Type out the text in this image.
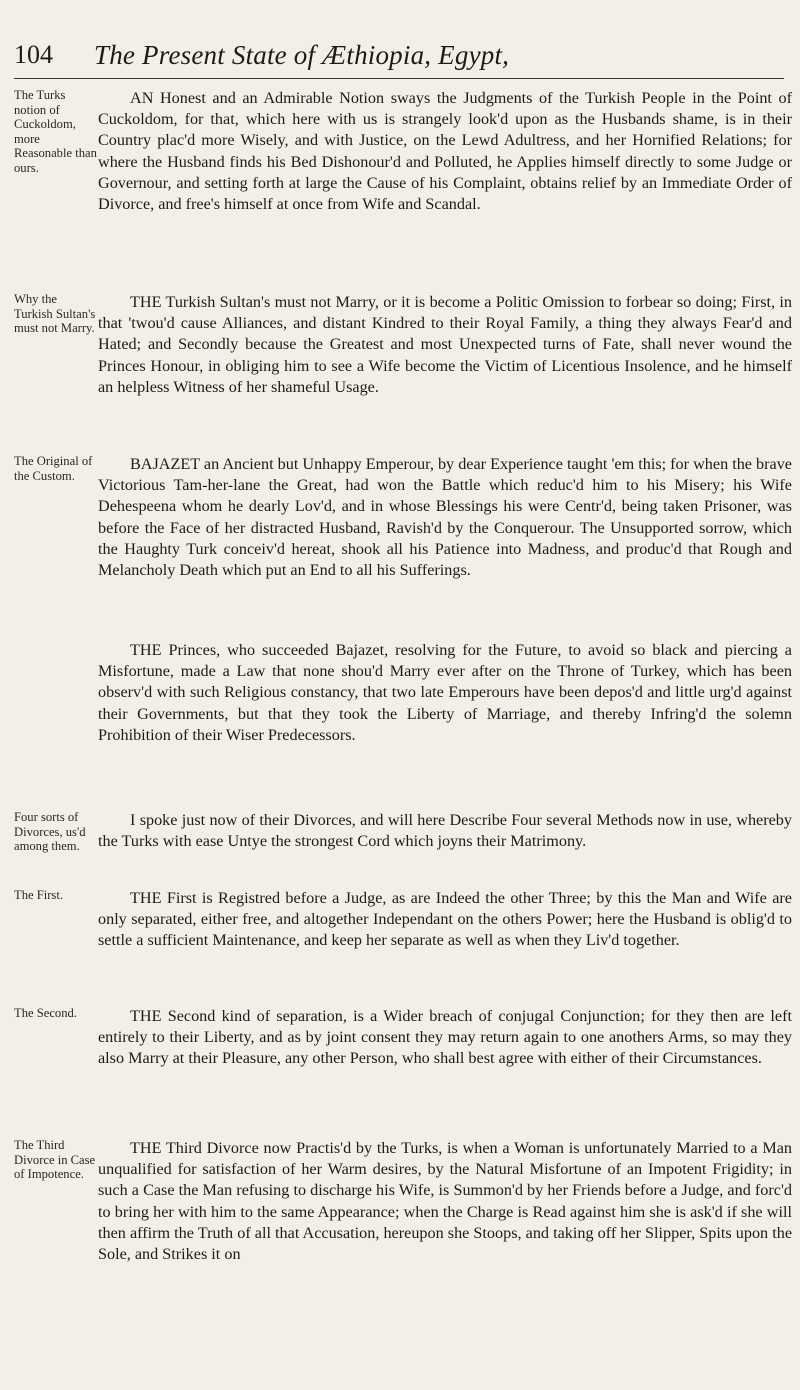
104 The Present State of Æthiopia, Egypt,
The Turks notion of Cuckoldom, more Reasonable than ours.
AN Honest and an Admirable Notion sways the Judgments of the Turkish People in the Point of Cuckoldom, for that, which here with us is strangely look'd upon as the Husbands shame, is in their Country plac'd more Wisely, and with Justice, on the Lewd Adultress, and her Hornified Relations; for where the Husband finds his Bed Dishonour'd and Polluted, he Applies himself directly to some Judge or Governour, and setting forth at large the Cause of his Complaint, obtains relief by an Immediate Order of Divorce, and free's himself at once from Wife and Scandal.
Why the Turkish Sultan's must not Marry.
THE Turkish Sultan's must not Marry, or it is become a Politic Omission to forbear so doing; First, in that 'twou'd cause Alliances, and distant Kindred to their Royal Family, a thing they always Fear'd and Hated; and Secondly because the Greatest and most Unexpected turns of Fate, shall never wound the Princes Honour, in obliging him to see a Wife become the Victim of Licentious Insolence, and he himself an helpless Witness of her shameful Usage.
The Original of the Custom.
BAJAZET an Ancient but Unhappy Emperour, by dear Experience taught 'em this; for when the brave Victorious Tam-her-lane the Great, had won the Battle which reduc'd him to his Misery; his Wife Dehespeena whom he dearly Lov'd, and in whose Blessings his were Centr'd, being taken Prisoner, was before the Face of her distracted Husband, Ravish'd by the Conquerour. The Unsupported sorrow, which the Haughty Turk conceiv'd hereat, shook all his Patience into Madness, and produc'd that Rough and Melancholy Death which put an End to all his Sufferings.
THE Princes, who succeeded Bajazet, resolving for the Future, to avoid so black and piercing a Misfortune, made a Law that none shou'd Marry ever after on the Throne of Turkey, which has been observ'd with such Religious constancy, that two late Emperours have been depos'd and little urg'd against their Governments, but that they took the Liberty of Marriage, and thereby Infring'd the solemn Prohibition of their Wiser Predecessors.
Four sorts of Divorces, us'd among them.
I spoke just now of their Divorces, and will here Describe Four several Methods now in use, whereby the Turks with ease Untye the strongest Cord which joyns their Matrimony.
The First.	THE First is Registred before a Judge, as are Indeed the other Three; by this the Man and Wife are only separated, either free, and altogether Independant on the others Power; here the Husband is oblig'd to settle a sufficient Maintenance, and keep her separate as well as when they Liv'd together.
The Second.	THE Second kind of separation, is a Wider breach of conjugal Conjunction; for they then are left entirely to their Liberty, and as by joint consent they may return again to one anothers Arms, so may they also Marry at their Pleasure, any other Person, who shall best agree with either of their Circumstances.
The Third Divorce in Case of Impotence.
THE Third Divorce now Practis'd by the Turks, is when a Woman is unfortunately Married to a Man unqualified for satisfaction of her Warm desires, by the Natural Misfortune of an Impotent Frigidity; in such a Case the Man refusing to discharge his Wife, is Summon'd by her Friends before a Judge, and forc'd to bring her with him to the same Appearance; when the Charge is Read against him she is ask'd if she will then affirm the Truth of all that Accusation, hereupon she Stoops, and taking off her Slipper, Spits upon the Sole, and Strikes it on
